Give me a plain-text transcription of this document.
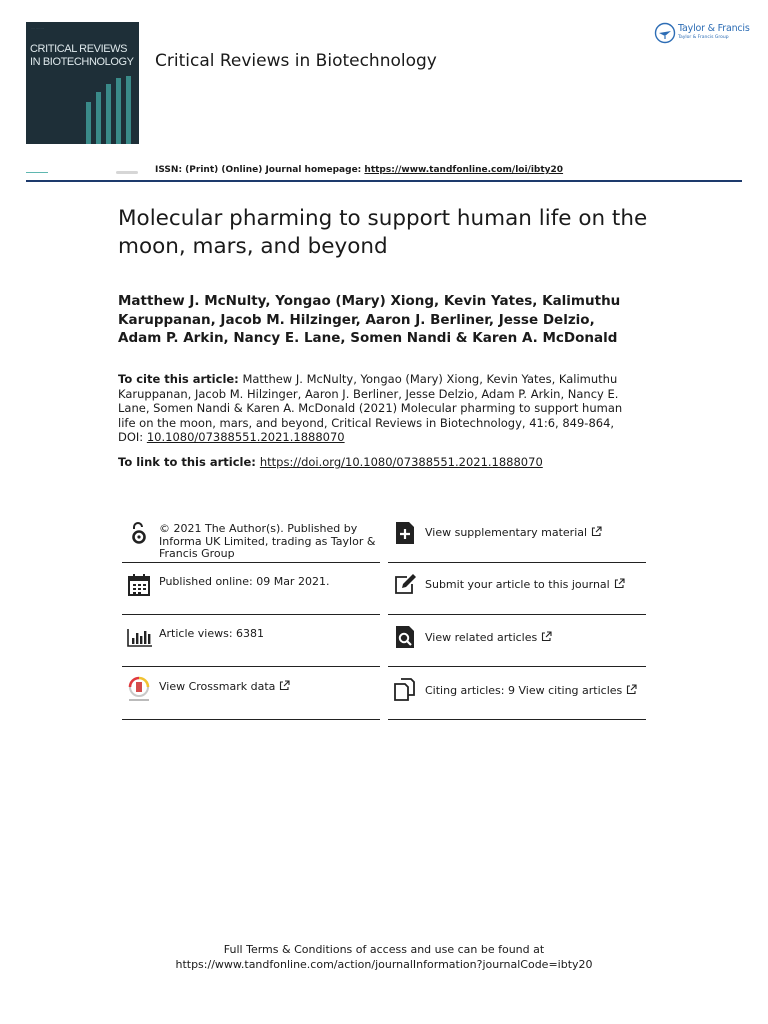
···· ···· ····
CRITICAL REVIEWS
IN BIOTECHNOLOGY Critical Reviews in Biotechnology
Taylor & Francis
Taylor & Francis Group
ISSN: (Print) (Online) Journal homepage: https://www.tandfonline.com/loi/ibty20
Molecular pharming to support human life on the moon, mars, and beyond
Matthew J. McNulty, Yongao (Mary) Xiong, Kevin Yates, Kalimuthu Karuppanan, Jacob M. Hilzinger, Aaron J. Berliner, Jesse Delzio, Adam P. Arkin, Nancy E. Lane, Somen Nandi & Karen A. McDonald
To cite this article: Matthew J. McNulty, Yongao (Mary) Xiong, Kevin Yates, Kalimuthu Karuppanan, Jacob M. Hilzinger, Aaron J. Berliner, Jesse Delzio, Adam P. Arkin, Nancy E. Lane, Somen Nandi & Karen A. McDonald (2021) Molecular pharming to support human life on the moon, mars, and beyond, Critical Reviews in Biotechnology, 41:6, 849-864, DOI: 10.1080/07388551.2021.1888070
To link to this article: https://doi.org/10.1080/07388551.2021.1888070
© 2021 The Author(s). Published by Informa UK Limited, trading as Taylor & Francis Group
Published online: 09 Mar 2021.
Article views: 6381
View Crossmark data
View supplementary material
Submit your article to this journal
View related articles
Citing articles: 9 View citing articles
Full Terms & Conditions of access and use can be found at
https://www.tandfonline.com/action/journalInformation?journalCode=ibty20
